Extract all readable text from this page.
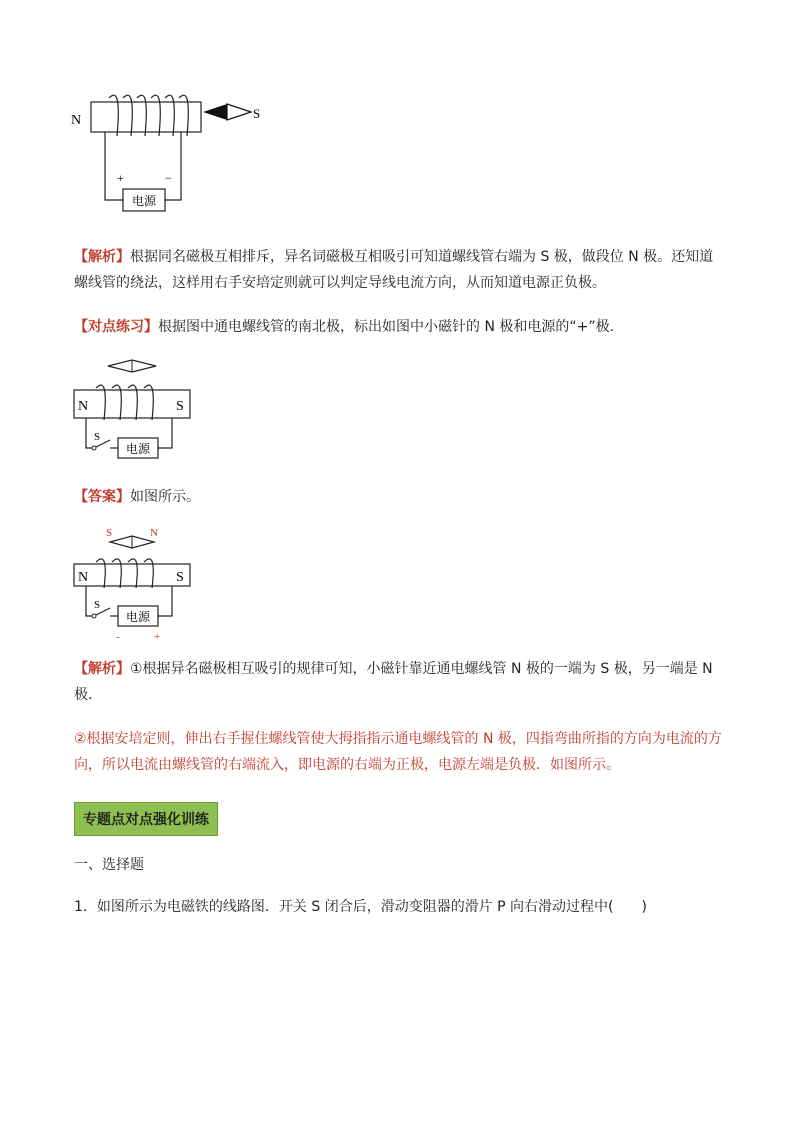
N
+	−
电源
S
【解析】根据同名磁极互相排斥，异名词磁极互相吸引可知道螺线管右端为 S 极，做段位 N 极。还知道螺线管的绕法，这样用右手安培定则就可以判定导线电流方向，从而知道电源正负极。
【对点练习】根据图中通电螺线管的南北极，标出如图中小磁针的 N 极和电源的“+”极.
N	S
S
电源
【答案】如图所示。
S	N
N	S
S
电源
-	+
【解析】①根据异名磁极相互吸引的规律可知，小磁针靠近通电螺线管 N 极的一端为 S 极，另一端是 N 极.
②根据安培定则，伸出右手握住螺线管使大拇指指示通电螺线管的 N 极，四指弯曲所指的方向为电流的方向，所以电流由螺线管的右端流入，即电源的右端为正极，电源左端是负极．如图所示。
专题点对点强化训练
一、选择题
1．如图所示为电磁铁的线路图．开关 S 闭合后，滑动变阻器的滑片 P 向右滑动过程中(　　)
